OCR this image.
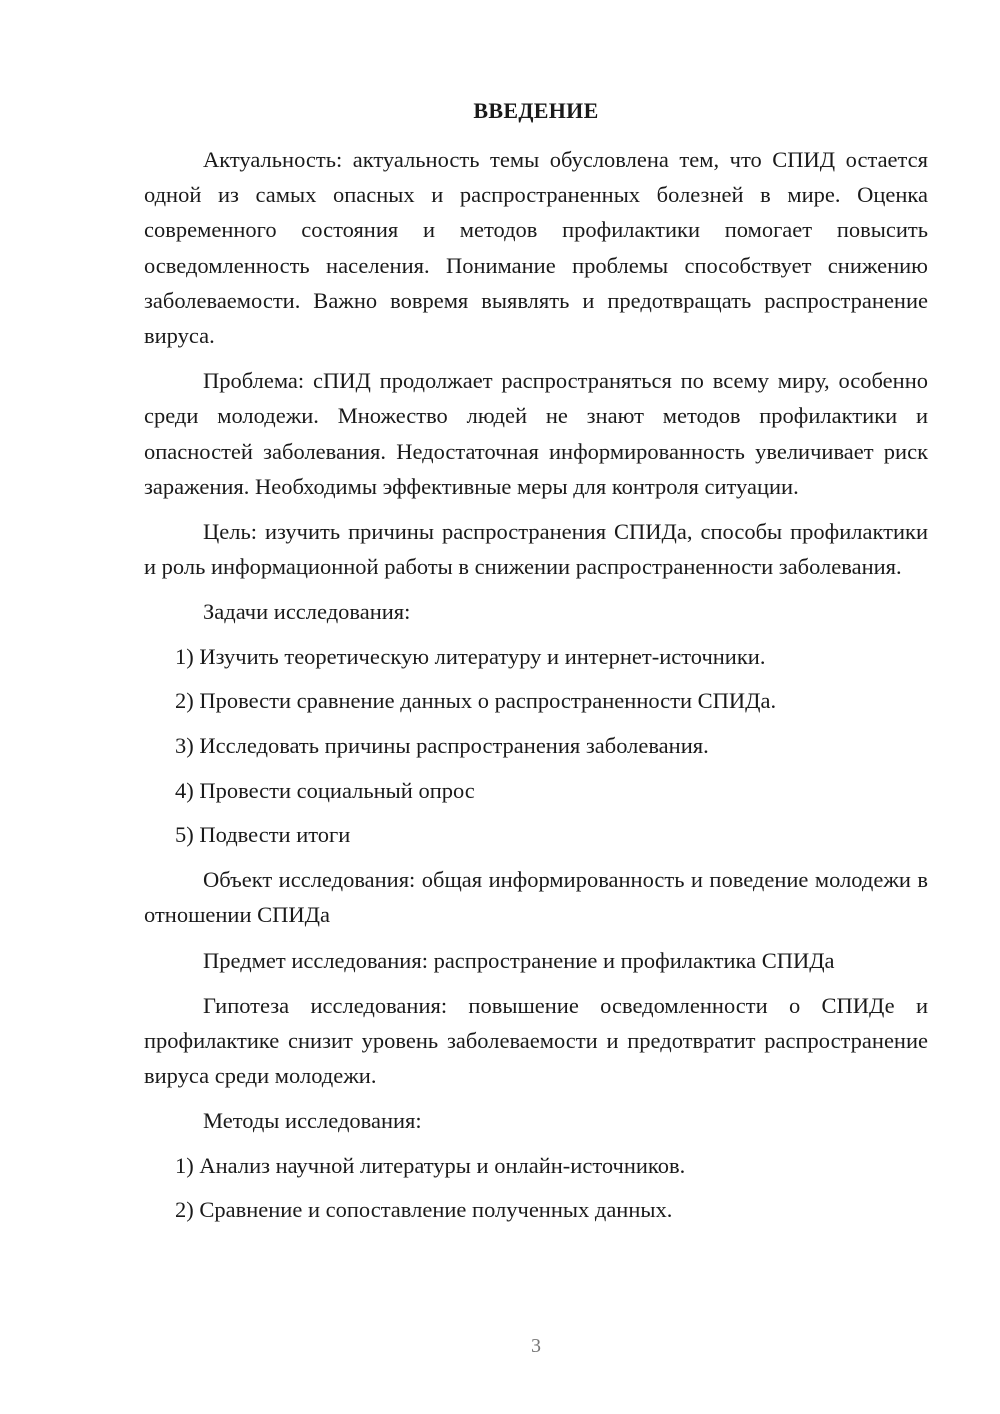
ВВЕДЕНИЕ

Актуальность: актуальность темы обусловлена тем, что СПИД остается одной из самых опасных и распространенных болезней в мире. Оценка современного состояния и методов профилактики помогает повысить осведомленность населения. Понимание проблемы способствует снижению заболеваемости. Важно вовремя выявлять и предотвращать распространение вируса.

Проблема: сПИД продолжает распространяться по всему миру, особенно среди молодежи. Множество людей не знают методов профилактики и опасностей заболевания. Недостаточная информированность увеличивает риск заражения. Необходимы эффективные меры для контроля ситуации.

Цель: изучить причины распространения СПИДа, способы профилактики и роль информационной работы в снижении распространенности заболевания.

Задачи исследования:

1) Изучить теоретическую литературу и интернет-источники.
2) Провести сравнение данных о распространенности СПИДа.
3) Исследовать причины распространения заболевания.
4) Провести социальный опрос
5) Подвести итоги

Объект исследования: общая информированность и поведение молодежи в отношении СПИДа

Предмет исследования: распространение и профилактика СПИДа

Гипотеза исследования: повышение осведомленности о СПИДе и профилактике снизит уровень заболеваемости и предотвратит распространение вируса среди молодежи.

Методы исследования:

1) Анализ научной литературы и онлайн-источников.
2) Сравнение и сопоставление полученных данных.
3
